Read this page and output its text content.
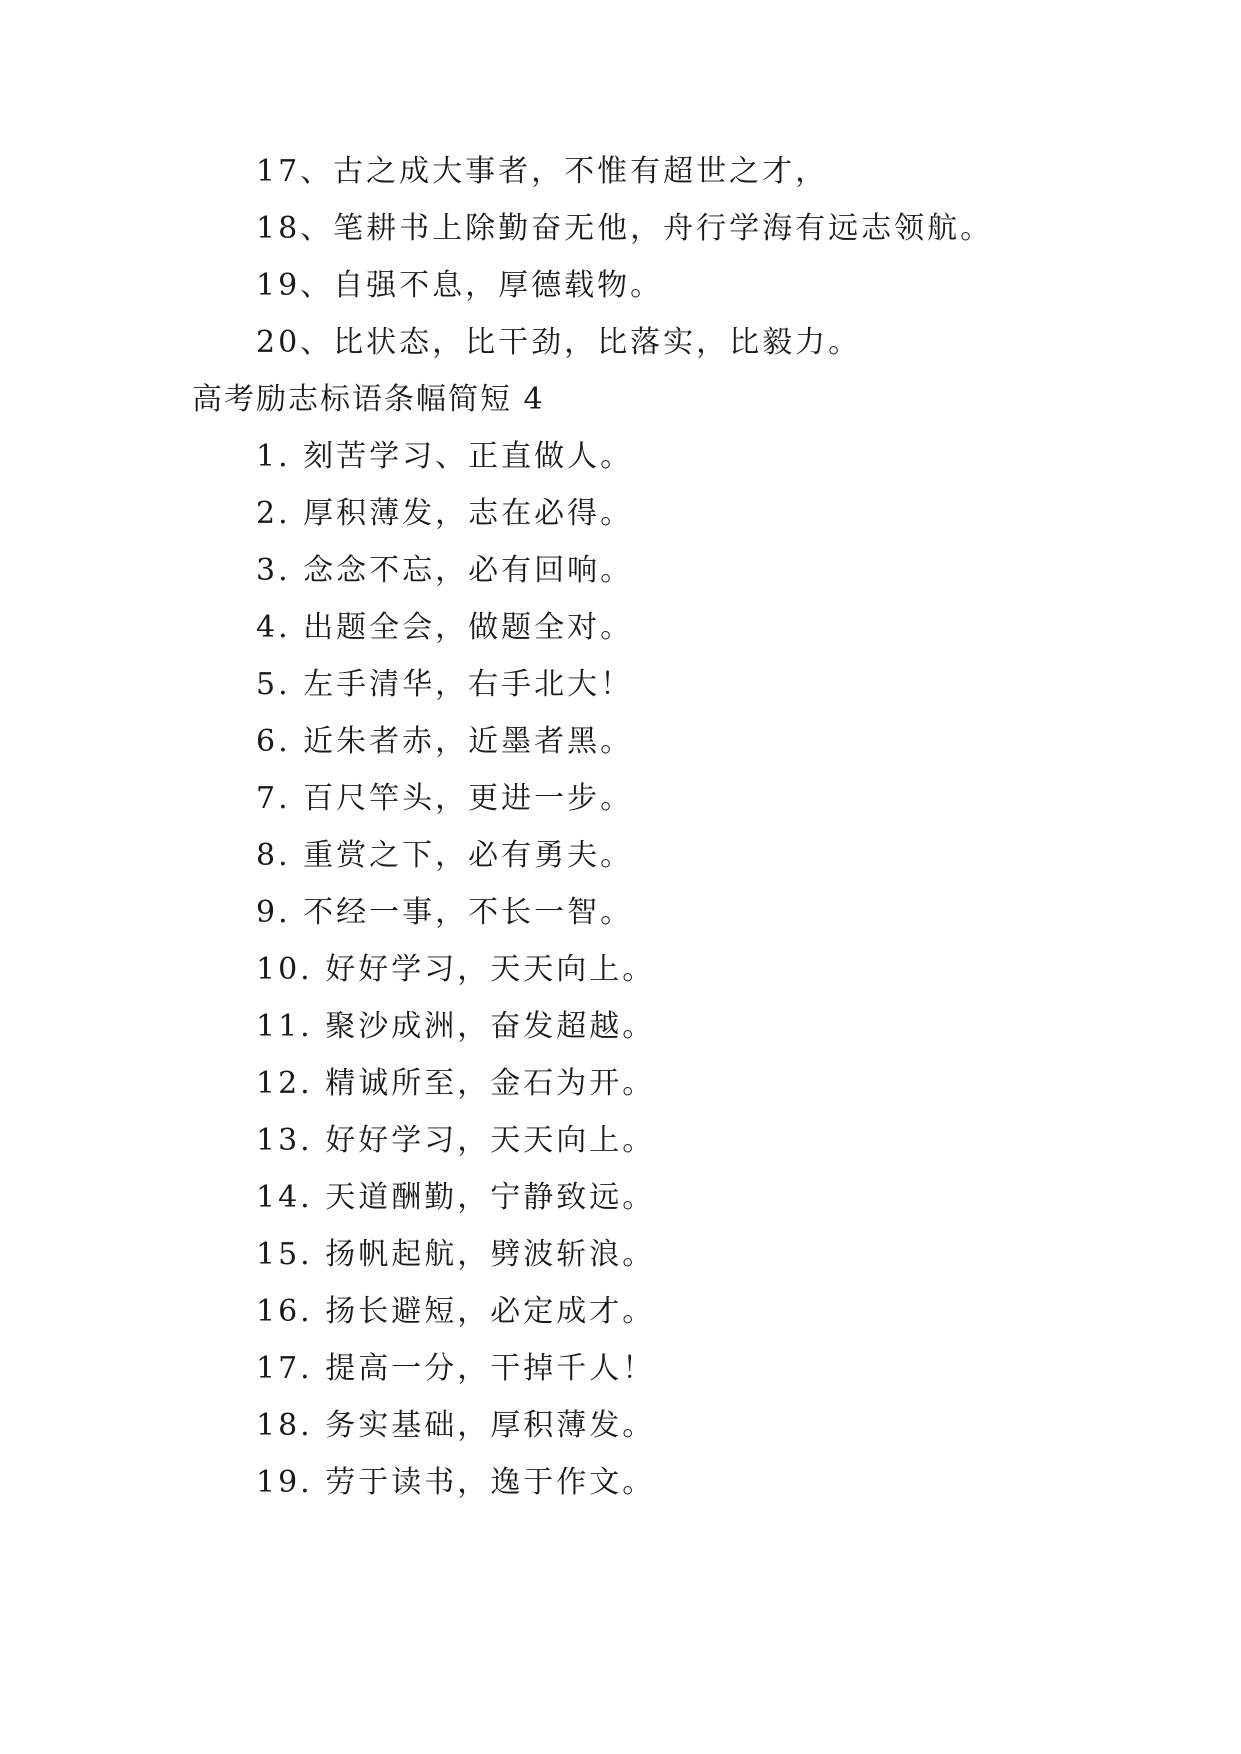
17、古之成大事者，不惟有超世之才，
18、笔耕书上除勤奋无他，舟行学海有远志领航。
19、自强不息，厚德载物。
20、比状态，比干劲，比落实，比毅力。
高考励志标语条幅简短 4
1. 刻苦学习、正直做人。
2. 厚积薄发，志在必得。
3. 念念不忘，必有回响。
4. 出题全会，做题全对。
5. 左手清华，右手北大！
6. 近朱者赤，近墨者黑。
7. 百尺竿头，更进一步。
8. 重赏之下，必有勇夫。
9. 不经一事，不长一智。
10. 好好学习，天天向上。
11. 聚沙成洲，奋发超越。
12. 精诚所至，金石为开。
13. 好好学习，天天向上。
14. 天道酬勤，宁静致远。
15. 扬帆起航，劈波斩浪。
16. 扬长避短，必定成才。
17. 提高一分，干掉千人！
18. 务实基础，厚积薄发。
19. 劳于读书，逸于作文。
